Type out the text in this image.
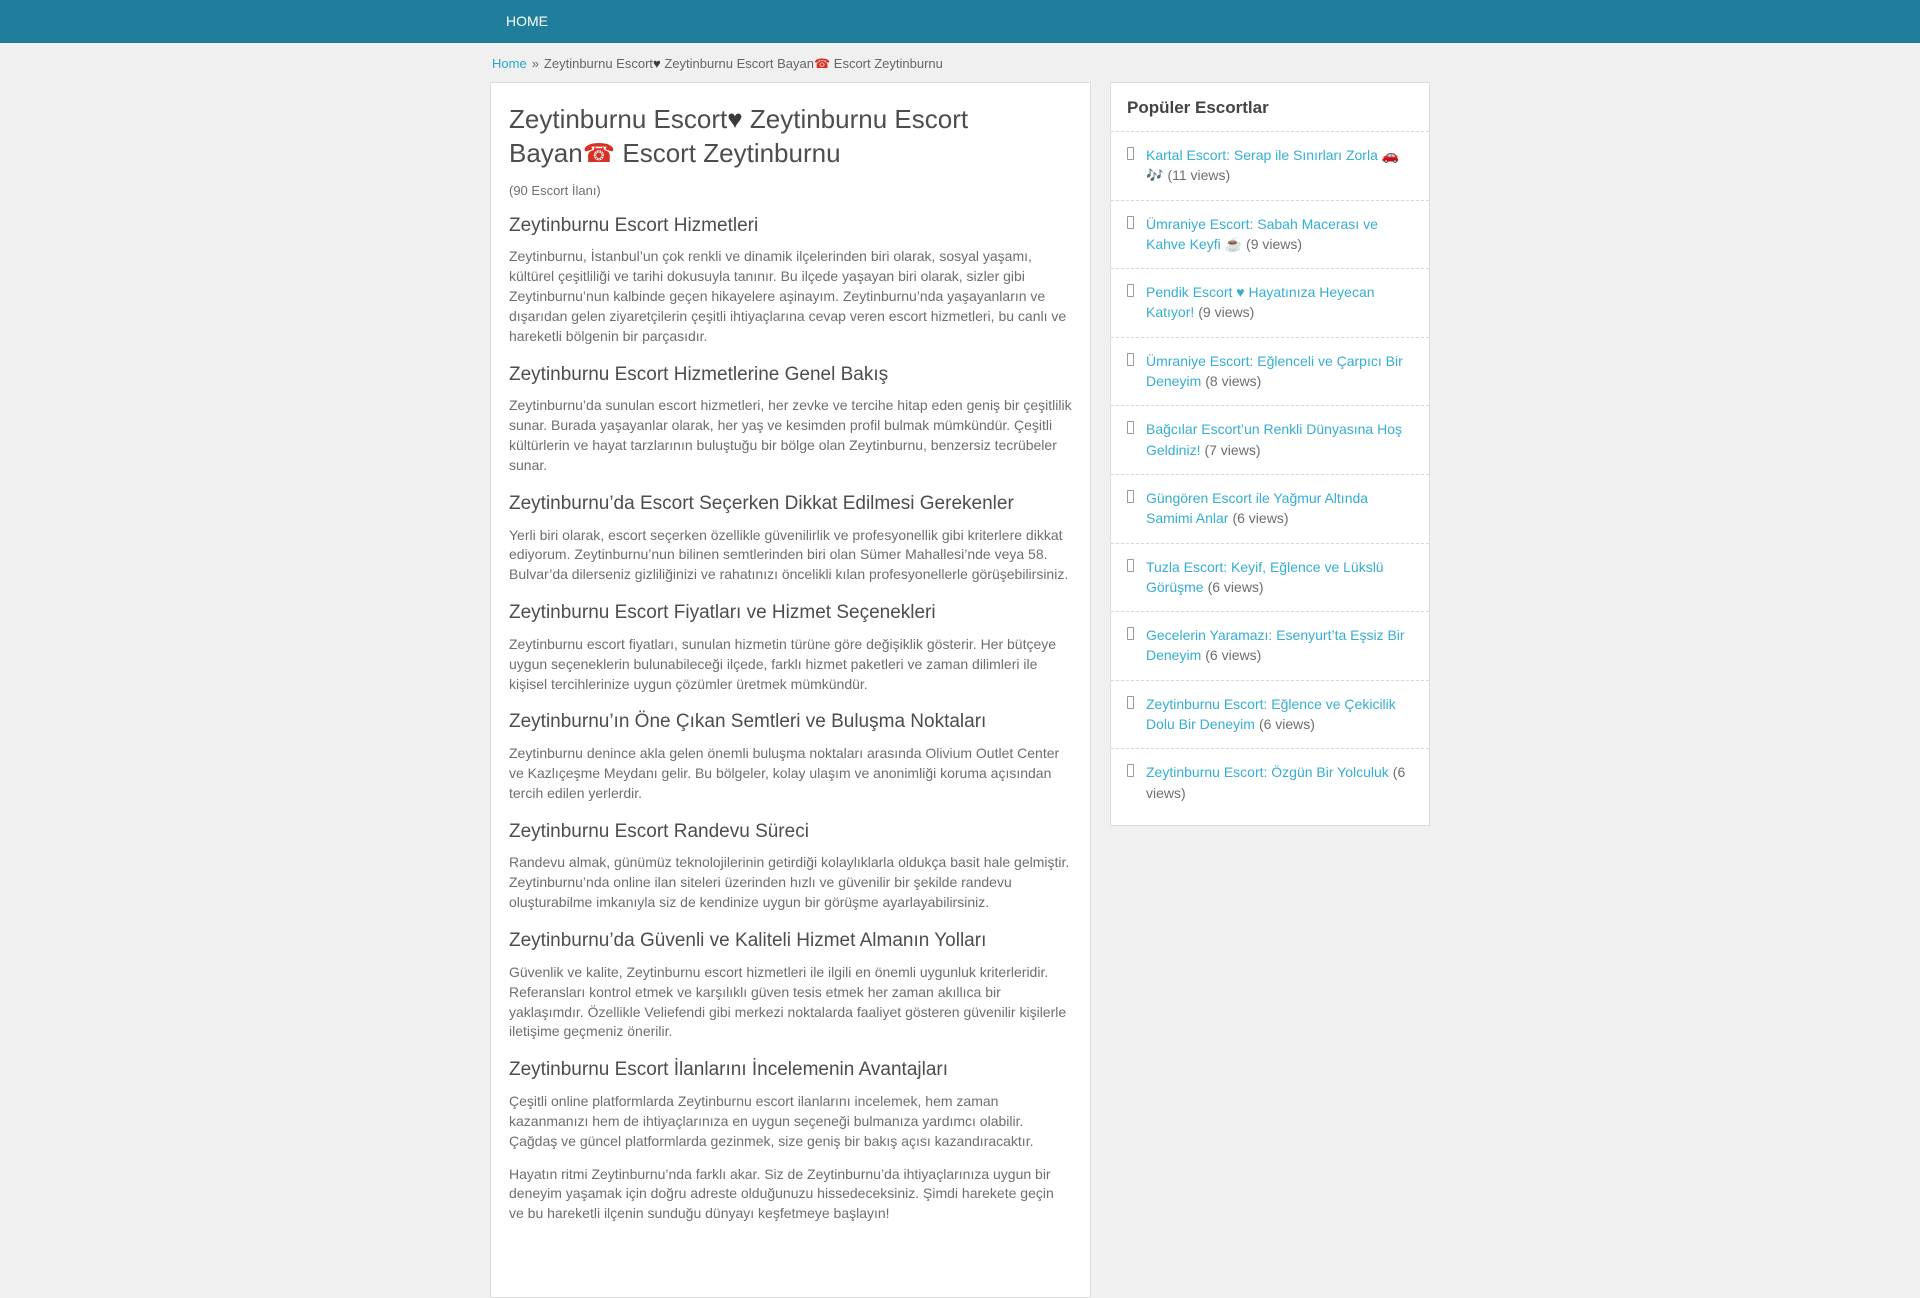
HOME
Home » Zeytinburnu Escort♥ Zeytinburnu Escort Bayan☎ Escort Zeytinburnu
Zeytinburnu Escort♥ Zeytinburnu Escort Bayan☎ Escort Zeytinburnu

(90 Escort İlanı)

Zeytinburnu Escort Hizmetleri

Zeytinburnu, İstanbul’un çok renkli ve dinamik ilçelerinden biri olarak, sosyal yaşamı, kültürel çeşitliliği ve tarihi dokusuyla tanınır. Bu ilçede yaşayan biri olarak, sizler gibi Zeytinburnu’nun kalbinde geçen hikayelere aşinayım. Zeytinburnu’nda yaşayanların ve dışarıdan gelen ziyaretçilerin çeşitli ihtiyaçlarına cevap veren escort hizmetleri, bu canlı ve hareketli bölgenin bir parçasıdır.

Zeytinburnu Escort Hizmetlerine Genel Bakış

Zeytinburnu’da sunulan escort hizmetleri, her zevke ve tercihe hitap eden geniş bir çeşitlilik sunar. Burada yaşayanlar olarak, her yaş ve kesimden profil bulmak mümkündür. Çeşitli kültürlerin ve hayat tarzlarının buluştuğu bir bölge olan Zeytinburnu, benzersiz tecrübeler sunar.

Zeytinburnu’da Escort Seçerken Dikkat Edilmesi Gerekenler

Yerli biri olarak, escort seçerken özellikle güvenilirlik ve profesyonellik gibi kriterlere dikkat ediyorum. Zeytinburnu’nun bilinen semtlerinden biri olan Sümer Mahallesi’nde veya 58. Bulvar’da dilerseniz gizliliğinizi ve rahatınızı öncelikli kılan profesyonellerle görüşebilirsiniz.

Zeytinburnu Escort Fiyatları ve Hizmet Seçenekleri

Zeytinburnu escort fiyatları, sunulan hizmetin türüne göre değişiklik gösterir. Her bütçeye uygun seçeneklerin bulunabileceği ilçede, farklı hizmet paketleri ve zaman dilimleri ile kişisel tercihlerinize uygun çözümler üretmek mümkündür.

Zeytinburnu’ın Öne Çıkan Semtleri ve Buluşma Noktaları

Zeytinburnu denince akla gelen önemli buluşma noktaları arasında Olivium Outlet Center ve Kazlıçeşme Meydanı gelir. Bu bölgeler, kolay ulaşım ve anonimliği koruma açısından tercih edilen yerlerdir.

Zeytinburnu Escort Randevu Süreci

Randevu almak, günümüz teknolojilerinin getirdiği kolaylıklarla oldukça basit hale gelmiştir. Zeytinburnu’nda online ilan siteleri üzerinden hızlı ve güvenilir bir şekilde randevu oluşturabilme imkanıyla siz de kendinize uygun bir görüşme ayarlayabilirsiniz.

Zeytinburnu’da Güvenli ve Kaliteli Hizmet Almanın Yolları

Güvenlik ve kalite, Zeytinburnu escort hizmetleri ile ilgili en önemli uygunluk kriterleridir. Referansları kontrol etmek ve karşılıklı güven tesis etmek her zaman akıllıca bir yaklaşımdır. Özellikle Veliefendi gibi merkezi noktalarda faaliyet gösteren güvenilir kişilerle iletişime geçmeniz önerilir.

Zeytinburnu Escort İlanlarını İncelemenin Avantajları

Çeşitli online platformlarda Zeytinburnu escort ilanlarını incelemek, hem zaman kazanmanızı hem de ihtiyaçlarınıza en uygun seçeneği bulmanıza yardımcı olabilir. Çağdaş ve güncel platformlarda gezinmek, size geniş bir bakış açısı kazandıracaktır.

Hayatın ritmi Zeytinburnu’nda farklı akar. Siz de Zeytinburnu’da ihtiyaçlarınıza uygun bir deneyim yaşamak için doğru adreste olduğunuzu hissedeceksiniz. Şimdi harekete geçin ve bu hareketli ilçenin sunduğu dünyayı keşfetmeye başlayın!

Popüler Escortlar
Kartal Escort: Serap ile Sınırları Zorla 🚗🎶 (11 views)
Ümraniye Escort: Sabah Macerası ve Kahve Keyfi ☕ (9 views)
Pendik Escort ♥ Hayatınıza Heyecan Katıyor! (9 views)
Ümraniye Escort: Eğlenceli ve Çarpıcı Bir Deneyim (8 views)
Bağcılar Escort’un Renkli Dünyasına Hoş Geldiniz! (7 views)
Güngören Escort ile Yağmur Altında Samimi Anlar (6 views)
Tuzla Escort: Keyif, Eğlence ve Lükslü Görüşme (6 views)
Gecelerin Yaramazı: Esenyurt’ta Eşsiz Bir Deneyim (6 views)
Zeytinburnu Escort: Eğlence ve Çekicilik Dolu Bir Deneyim (6 views)
Zeytinburnu Escort: Özgün Bir Yolculuk (6 views)
